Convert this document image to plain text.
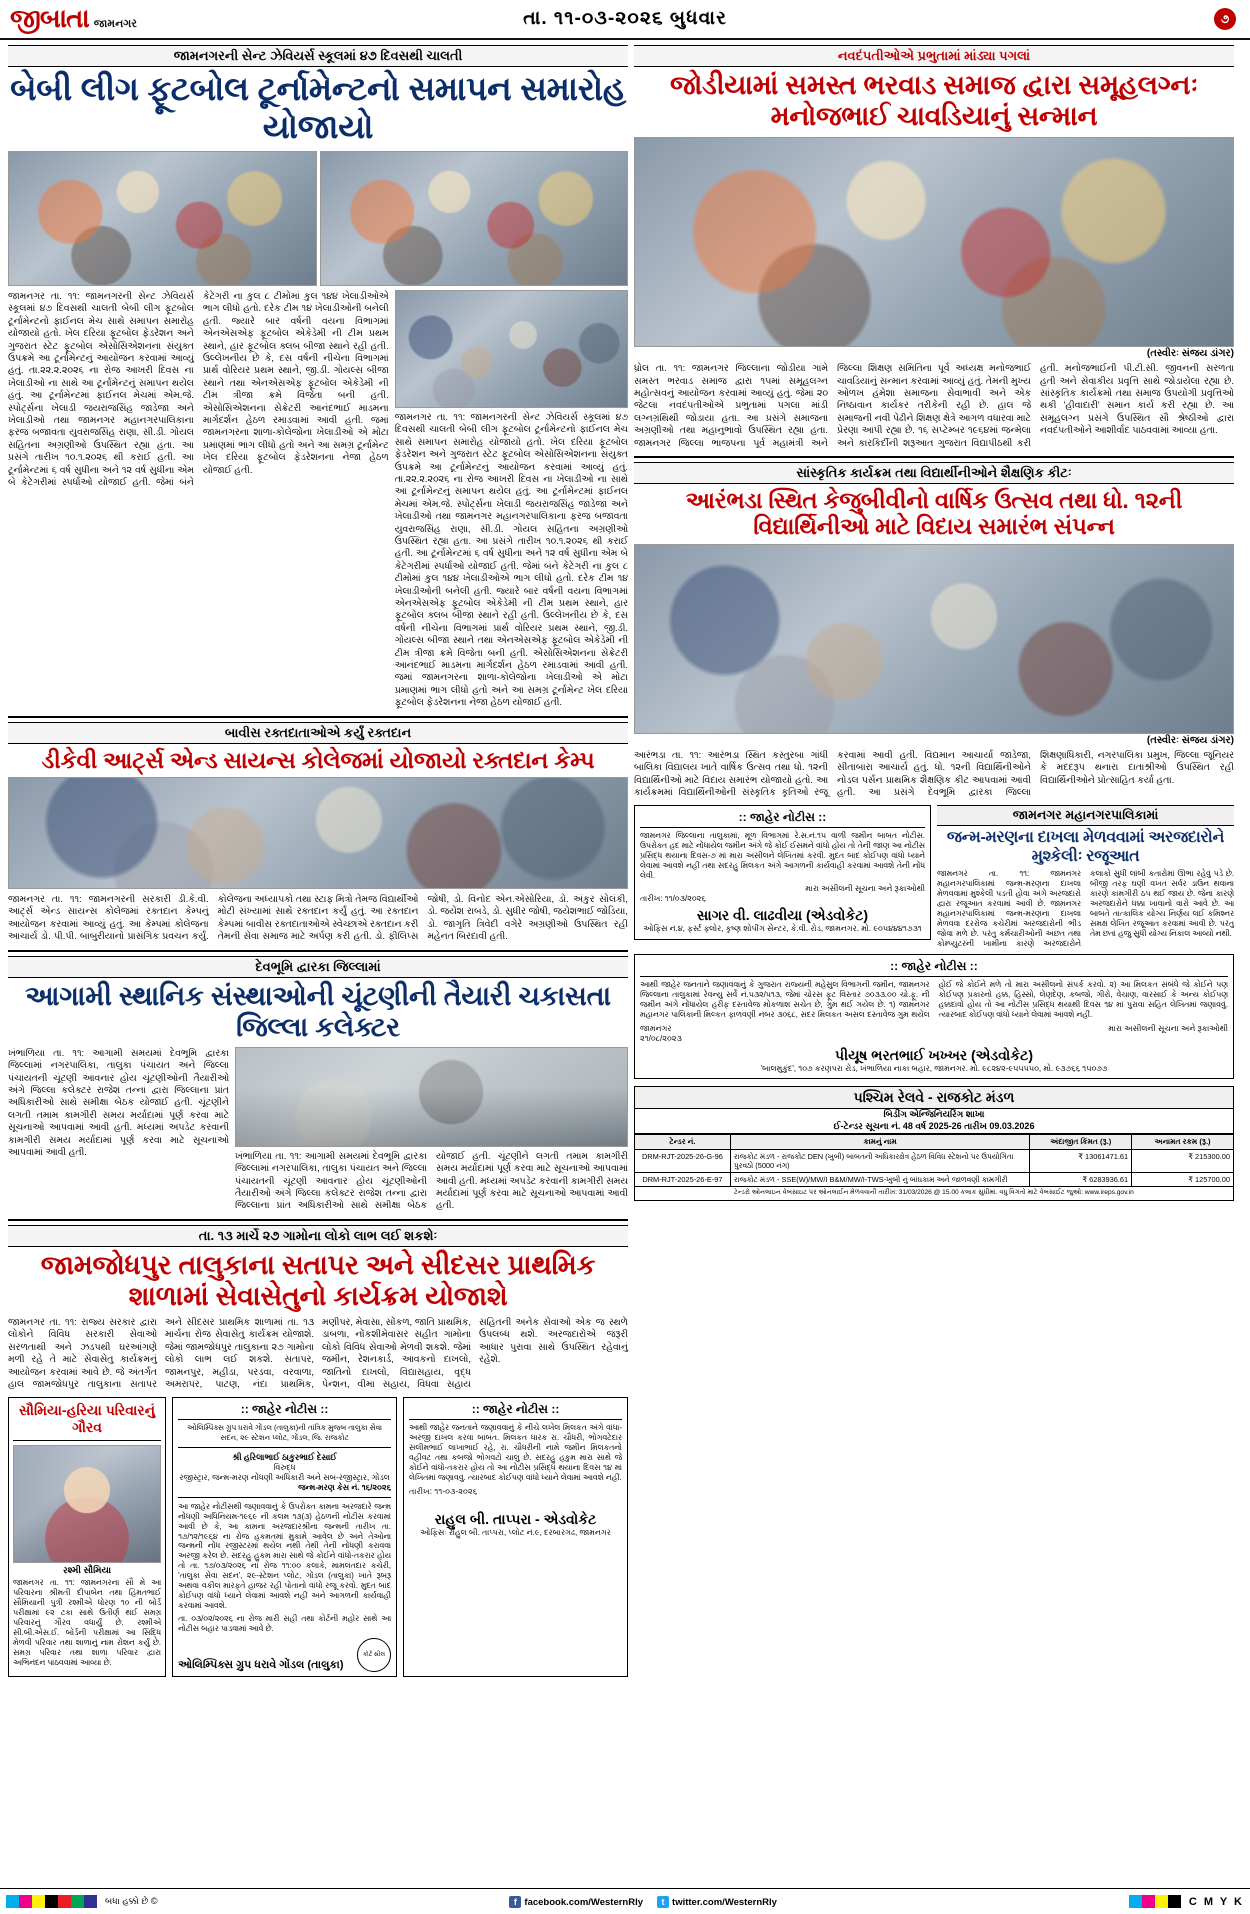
જીબાતા જામનગર	તા. ૧૧-૦૩-૨૦૨૬ બુધવાર	૭
જામનગરની સેન્ટ ઝેવિયર્સ સ્કૂલમાં ૪૭ દિવસથી ચાલતી
બેબી લીગ ફૂટબોલ ટૂર્નામેન્ટનો સમાપન સમારોહ યોજાયો
જામનગર તા. ૧૧: જામનગરની સેન્ટ ઝેવિયર્સ સ્કૂલમાં ૪૭ દિવસથી ચાલતી બેબી લીગ ફૂટબોલ ટૂર્નામેન્ટનો ફાઈનલ મેચ સાથે સમાપન સમારોહ યોજાયો હતો. ખેલ દરિયા ફૂટબોલ ફેડરેશન અને ગુજરાત સ્ટેટ ફૂટબોલ એસોસિએશનના સંયુક્ત ઉપક્રમે આ ટૂર્નામેન્ટનું આયોજન કરવામાં આવ્યું હતું. તા.૨૨.૨.૨૦૨૬ ના રોજ આખરી દિવસ ના ખેલાડીઓ ના સાથે આ ટૂર્નામેન્ટનું સમાપન થયેલ હતું. આ ટૂર્નામેન્ટમાં ફાઈનલ મેચમાં એમ.જે. સ્પોર્ટ્સના ખેલાડી જયરાજસિંહ જાડેજા અને ખેલાડીઓ તથા જામનગર મહાનગરપાલિકાના ફરજ બજાવતા યુવરાજસિંહ રાણા, સી.ડી. ગોયલ સહિતના અગ્રણીઓ ઉપસ્થિત રહ્યા હતા. આ પ્રસંગે તારીખ ૧૦.૧.૨૦૨૬ થી કરાઈ હતી. આ ટૂર્નામેન્ટમાં ૬ વર્ષ સુધીના અને ૧૨ વર્ષ સુધીના એમ બે કેટેગરીમાં સ્પર્ધાઓ યોજાઈ હતી. જેમાં બંને કેટેગરી ના કુલ ૮ ટીમોમાં કુલ ૧૪૪ ખેલાડીઓએ ભાગ લીધો હતો. દરેક ટીમ ૧૪ ખેલાડીઓની બનેલી હતી. જ્યારે બાર વર્ષની વયના વિભાગમાં એનએસએફ ફૂટબોલ એકેડેમી ની ટીમ પ્રથમ સ્થાને, હાર ફૂટબોલ ક્લબ બીજા સ્થાને રહી હતી. ઉલ્લેખનીય છે કે, દસ વર્ષની નીચેના વિભાગમાં પ્રાર્થ વોરિયર પ્રથમ સ્થાને, જી.ડી. ગોયલ્સ બીજા સ્થાને તથા એનએસએફ ફૂટબોલ એકેડેમી ની ટીમ ત્રીજા ક્રમે વિજેતા બની હતી. એસોસિએશનના સેક્રેટરી આનંદભાઈ માડમના માર્ગદર્શન હેઠળ રમાડવામાં આવી હતી. જમાં જામનગરના શાળા-કોલેજોના ખેલાડીઓ એ મોટા પ્રમાણમાં ભાગ લીધો હતો અને આ સમગ્ર ટૂર્નામેન્ટ ખેલ દરિયા ફૂટબોલ ફેડરેશનના નેજા હેઠળ યોજાઈ હતી.
જામનગર તા. ૧૧: જામનગરની સેન્ટ ઝેવિયર્સ સ્કૂલમાં ૪૭ દિવસથી ચાલતી બેબી લીગ ફૂટબોલ ટૂર્નામેન્ટનો ફાઈનલ મેચ સાથે સમાપન સમારોહ યોજાયો હતો. ખેલ દરિયા ફૂટબોલ ફેડરેશન અને ગુજરાત સ્ટેટ ફૂટબોલ એસોસિએશનના સંયુક્ત ઉપક્રમે આ ટૂર્નામેન્ટનું આયોજન કરવામાં આવ્યું હતું. તા.૨૨.૨.૨૦૨૬ ના રોજ આખરી દિવસ ના ખેલાડીઓ ના સાથે આ ટૂર્નામેન્ટનું સમાપન થયેલ હતું. આ ટૂર્નામેન્ટમાં ફાઈનલ મેચમાં એમ.જે. સ્પોર્ટ્સના ખેલાડી જયરાજસિંહ જાડેજા અને ખેલાડીઓ તથા જામનગર મહાનગરપાલિકાના ફરજ બજાવતા યુવરાજસિંહ રાણા, સી.ડી. ગોયલ સહિતના અગ્રણીઓ ઉપસ્થિત રહ્યા હતા. આ પ્રસંગે તારીખ ૧૦.૧.૨૦૨૬ થી કરાઈ હતી. આ ટૂર્નામેન્ટમાં ૬ વર્ષ સુધીના અને ૧૨ વર્ષ સુધીના એમ બે કેટેગરીમાં સ્પર્ધાઓ યોજાઈ હતી. જેમાં બંને કેટેગરી ના કુલ ૮ ટીમોમાં કુલ ૧૪૪ ખેલાડીઓએ ભાગ લીધો હતો. દરેક ટીમ ૧૪ ખેલાડીઓની બનેલી હતી. જ્યારે બાર વર્ષની વયના વિભાગમાં એનએસએફ ફૂટબોલ એકેડેમી ની ટીમ પ્રથમ સ્થાને, હાર ફૂટબોલ ક્લબ બીજા સ્થાને રહી હતી. ઉલ્લેખનીય છે કે, દસ વર્ષની નીચેના વિભાગમાં પ્રાર્થ વોરિયર પ્રથમ સ્થાને, જી.ડી. ગોયલ્સ બીજા સ્થાને તથા એનએસએફ ફૂટબોલ એકેડેમી ની ટીમ ત્રીજા ક્રમે વિજેતા બની હતી. એસોસિએશનના સેક્રેટરી આનંદભાઈ માડમના માર્ગદર્શન હેઠળ રમાડવામાં આવી હતી. જમાં જામનગરના શાળા-કોલેજોના ખેલાડીઓ એ મોટા પ્રમાણમાં ભાગ લીધો હતો અને આ સમગ્ર ટૂર્નામેન્ટ ખેલ દરિયા ફૂટબોલ ફેડરેશનના નેજા હેઠળ યોજાઈ હતી.
બાવીસ રક્તદાતાઓએ કર્યું રક્તદાન
ડીકેવી આર્ટ્સ એન્ડ સાયન્સ કોલેજમાં યોજાયો રક્તદાન કેમ્પ
જામનગર તા. ૧૧: જામનગરની સરકારી ડી.કે.વી. આર્ટ્સ એન્ડ સાયન્સ કોલેજમાં રક્તદાન કેમ્પનું આયોજન કરવામાં આવ્યું હતું. આ કેમ્પમાં કોલેજના આચાર્ય ડો. પી.પી. બાબુરીયાનો પ્રાસંગિક પ્રવચન કર્યું. કોલેજના અધ્યાપકો તથા સ્ટાફ મિત્રો તેમજ વિદ્યાર્થીઓ મોટી સંખ્યામાં સાથે રક્તદાન કર્યું હતું. આ રક્તદાન કેમ્પમાં બાવીસ રક્તદાતાઓએ સ્વેચ્છાએ રક્તદાન કરી તેમની સેવા સમાજ માટે અર્પણ કરી હતી. ડો. ફીલિપ્સ જોષી, ડો. વિનોદ એન.એસોરિયા, ડો. અંકુર સોલંકી, ડો. જયેશ રાબડે, ડો. સુધીર જોષી, જયેશભાઈ જોડિયા, ડો. જાગૃતિ ત્રિવેદી વગેરે અગ્રણીઓ ઉપસ્થિત રહી મહેનત બિરદાવી હતી.
દેવભૂમિ દ્વારકા જિલ્લામાં
આગામી સ્થાનિક સંસ્થાઓની ચૂંટણીની તૈયારી ચકાસતા જિલ્લા કલેક્ટર
ખંભાળિયા તા. ૧૧: આગામી સમયમાં દેવભૂમિ દ્વારકા જિલ્લામાં નગરપાલિકા, તાલુકા પંચાયત અને જિલ્લા પંચાયતની ચૂંટણી આવનાર હોય ચૂંટણીઓની તૈયારીઓ અંગે જિલ્લા કલેક્ટર રાજેશ તન્ના દ્વારા જિલ્લાના પ્રાંત અધિકારીઓ સાથે સમીક્ષા બેઠક યોજાઈ હતી. ચૂંટણીને લગતી તમામ કામગીરી સમય મર્યાદામાં પૂર્ણ કરવા માટે સૂચનાઓ આપવામાં આવી હતી. મધ્યમાં અપડેટ કરવાની કામગીરી સમય મર્યાદામાં પૂર્ણ કરવા માટે સૂચનાઓ આપવામાં આવી હતી.	ખંભાળિયા તા. ૧૧: આગામી સમયમાં દેવભૂમિ દ્વારકા જિલ્લામાં નગરપાલિકા, તાલુકા પંચાયત અને જિલ્લા પંચાયતની ચૂંટણી આવનાર હોય ચૂંટણીઓની તૈયારીઓ અંગે જિલ્લા કલેક્ટર રાજેશ તન્ના દ્વારા જિલ્લાના પ્રાંત અધિકારીઓ સાથે સમીક્ષા બેઠક યોજાઈ હતી. ચૂંટણીને લગતી તમામ કામગીરી સમય મર્યાદામાં પૂર્ણ કરવા માટે સૂચનાઓ આપવામાં આવી હતી. મધ્યમાં અપડેટ કરવાની કામગીરી સમય મર્યાદામાં પૂર્ણ કરવા માટે સૂચનાઓ આપવામાં આવી હતી.
તા. ૧૩ માર્ચે ૨૭ ગામોના લોકો લાભ લઈ શકશેઃ
જામજોધપુર તાલુકાના સતાપર અને સીદસર પ્રાથમિક શાળામાં સેવાસેતુનો કાર્યક્રમ યોજાશે
જામનગર તા. ૧૧: રાજ્ય સરકાર દ્વારા લોકોને વિવિધ સરકારી સેવાઓ સરળતાથી અને ઝડપથી ઘરઆંગણે મળી રહે તે માટે સેવાસેતુ કાર્યક્રમનું આયોજન કરવામાં આવે છે. જે અંતર્ગત હાલ જામજોધપુર તાલુકાના સતાપર અને સીદસર પ્રાથમિક શાળામાં તા. ૧૩ માર્ચના રોજ સેવાસેતુ કાર્યક્રમ યોજાશે. જેમાં જામજોધપુર તાલુકાના ૨૭ ગામોના લોકો લાભ લઈ શકશે. સતાપર, જામનપુર, મહીડા, પરડવા, વરવાળા, અમરાપર, પાટણ, નંદા પ્રાથમિક, મણીપર, મેવાસા, સોંકળ, જાતિ પ્રાથમિક, ડાબળા, નોંકશીમેવાસર સહીત ગામોના લોકો વિવિધ સેવાઓ મેળવી શકશે. જેમાં જમીન, રેશનકાર્ડ, આવકનો દાખલો, જાતિનો દાખલો, વિદ્યાસહાય, વૃદ્ધ પેન્શન, વીમા સહાય, વિધવા સહાય સહિતની અનેક સેવાઓ એક જ સ્થળે ઉપલબ્ધ થશે. અરજદારોએ જરૂરી આધાર પુરાવા સાથે ઉપસ્થિત રહેવાનું રહેશે.
સૌમિયા-હરિયા પરિવારનું ગૌરવ
રશ્મી સૌમિયા
જામનગર તા. ૧૧: જામનગરના સૌ મે આ પરિવારના શ્રીમતી દીપાબેન તથા હિંમતભાઈ સૌમિયાની પુત્રી રશ્મીએ ધોરણ ૧૦ ની બોર્ડ પરીક્ષામાં ૯૨ ટકા સાથે ઉતીર્ણ થઈ સમગ્ર પરિવારનું ગૌરવ વધાર્યું છે. રશ્મીએ સી.બી.એસ.ઈ. બોર્ડની પરીક્ષામાં આ સિદ્ધિ મેળવી પરિવાર તથા શાળાનું નામ રોશન કર્યું છે. સમગ્ર પરિવાર તથા શાળા પરિવાર દ્વારા અભિનંદન પાઠવવામાં આવ્યા છે.
:: જાહેર નોટીસ ::
ઓલિમ્પિક્સ ગ્રુપ ધરાવે ગોંડલ (તાલુકા)ની તાંત્રિક મુજબ તાલુકા સેવા સદન, ૨૯ સ્ટેશન પ્લોટ, ગોંડલ, જિ. રાજકોટ
શ્રી હરિલાભાઈ ઠાકુરભાઈ દેસાઈ
વિરુદ્ધ
રજીસ્ટ્રાર, જન્મ-મરણ નોંધણી અધિકારી અને સબ-રજીસ્ટ્રાર, ગોંડલ
જન્મ-મરણ કેસ નં. ૧૬/૨૦૨૬
આ જાહેર નોટીસથી જણાવવાનું કે ઉપરોક્ત કામના અરજદારે જન્મ નોંધણી અધિનિયમ-૧૯૬૯ ની કલમ ૧૩(૩) હેઠળની નોટીસ કરવામાં આવી છે કે, આ કામના અરજદારશ્રીના જન્મની તારીખ તા. ૧૭/૧૨/૧૯૬૪ ના રોજ હકમતમાં મુકામે આવેલ છે અને તેઓના જન્મની નોંધ રજીસ્ટરમાં થયેલ નથી તેથી તેની નોંધણી કરાવવા અરજી કરેલ છે. સદરહુ હુકમ મારા સાથે જે કોઈને વાંધો-તકરાર હોય તો તા. ૧૭/૦૩/૨૦૨૬ ના રોજ ૧૧:૦૦ કલાકે, મામલતદાર કચેરી, 'તાલુકા સેવા સદન', ૨૯-સ્ટેશન પ્લોટ, ગોંડલ (તાલુકા) ખાતે રૂબરૂ અથવા વકીલ મારફતે હાજર રહી પોતાનો વાંધો રજૂ કરવો. મુદત બાદ કોઈપણ વાંધો ધ્યાને લેવામાં આવશે નહીં અને આગળની કાર્યવાહી કરવામાં આવશે.
તા. ૦૩/૦૨/૨૦૨૬ ના રોજ મારી સહી તથા કોર્ટની મહોર સાથે આ નોટીસ બહાર પાડવામાં આવે છે.
ઓલિમ્પિક્સ ગ્રુપ ધરાવે ગોંડલ (તાલુકા)
કોર્ટ સીલ
:: જાહેર નોટીસ ::
આથી જાહેર જનતાને જણાવવાનું કે નીચે લખેલ મિલકત અંગે વાંધા-અરજી દાખલ કરવા બાબત. મિલકત ધારક રા. ચૌધરી, ભોગવટેદાર સલીમભાઈ લાખાભાઈ રહે, રા. ચૌધરીની નામે જમીન મિલકતનો વહીવટ તથા કબજો ભોગવટો ચાલુ છે. સદરહુ હકુમ મારા સાથે જે કોઈને વાંધો-તકરાર હોય તો આ નોટીસ પ્રસિદ્ધ થયાના દિવસ ૧૪ માં લેખિતમાં જણાવવું. ત્યારબાદ કોઈપણ વાંધો ધ્યાને લેવામાં આવશે નહીં.
તારીખ: ૧૧-૦૩-૨૦૨૬
રાહુલ બી. તાપ્પરા - એડવોકેટ
ઓફિસઃ રાહુલ બી. તાપ્પરા, પ્લોટ નં.૯, દરબારગઢ, જામનગર
નવદંપતીઓએ પ્રભુતામાં માંડ્યા પગલાં
જોડીયામાં સમસ્ત ભરવાડ સમાજ દ્વારા સમૂહલગ્નઃ મનોજભાઈ ચાવડિયાનું સન્માન
(તસ્વીરઃ સંજય ડાંગર)
ધ્રોલ તા. ૧૧: જામનગર જિલ્લાના જોડીયા ગામે સમસ્ત ભરવાડ સમાજ દ્વારા ૧૫માં સમૂહલગ્ન મહોત્સવનું આયોજન કરવામાં આવ્યું હતું. જેમાં ૨૦ જેટલા નવદંપતીઓએ પ્રભુતામાં પગલા માંડી લગ્નગ્રંથિથી જોડાયા હતા. આ પ્રસંગે સમાજના અગ્રણીઓ તથા મહાનુભાવો ઉપસ્થિત રહ્યા હતા. જામનગર જિલ્લા ભાજપના પૂર્વ મહામંત્રી અને જિલ્લા શિક્ષણ સમિતિના પૂર્વ અધ્યક્ષ મનોજભાઈ ચાવડિયાનું સન્માન કરવામાં આવ્યું હતું. તેમની મુખ્ય ઓળખ હંમેશા સમાજના સેવાભાવી અને એક નિષ્ઠાવાન કાર્યકર તરીકેની રહી છે. હાલ જે સમાજની નવી પેઢીને શિક્ષણ ક્ષેત્રે આગળ વધારવા માટે પ્રેરણા આપી રહ્યા છે. ૧૬ સપ્ટેમ્બર ૧૯૬૪માં જન્મેલા અને કારકિર્દીની શરૂઆત ગુજરાત વિદ્યાપીઠથી કરી હતી. મનોજભાઈની પી.ટી.સી. જીવનની સરળતા હતી અને સેવાકીય પ્રવૃત્તિ સાથે જોડાયેલા રહ્યા છે. સાંસ્કૃતિક કાર્યક્રમો તથા સમાજ ઉપયોગી પ્રવૃત્તિઓ થકી 'હીવાદારી' સમાન કાર્ય કરી રહ્યા છે. આ સમૂહલગ્ન પ્રસંગે ઉપસ્થિત સૌ શ્રેષ્ઠીઓ દ્વારા નવદંપતીઓને આશીર્વાદ પાઠવવામાં આવ્યા હતા.
સાંસ્કૃતિક કાર્યક્રમ તથા વિદ્યાર્થીનીઓને શૈક્ષણિક કીટઃ
આરંભડા સ્થિત કેજુબીવીનો વાર્ષિક ઉત્સવ તથા ધો. ૧૨ની વિદ્યાર્થિનીઓ માટે વિદાય સમારંભ સંપન્ન
(તસ્વીરઃ સંજય ડાંગર)
આરંભડા તા. ૧૧: આરંભડા સ્થિત કસ્તુરબા ગાંધી બાલિકા વિદ્યાલય ખાતે વાર્ષિક ઉત્સવ તથા ધો. ૧૨ની વિદ્યાર્થિનીઓ માટે વિદાય સમારંભ યોજાયો હતો. આ કાર્યક્રમમાં વિદ્યાર્થિનીઓની સંસ્કૃતિક કૃતિઓ રજૂ કરવામાં આવી હતી. વિદ્યમાન આચાર્યા જાડેજા, સીતાબારા આચાર્ય હતું. ધો. ૧૨ની વિદ્યાર્થિનીઓને નોડલ પર્સન પ્રાથમિક શૈક્ષણિક કીટ આપવામાં આવી હતી. આ પ્રસંગે દેવભૂમિ દ્વારકા જિલ્લા શિક્ષણાધિકારી, નગરપાલિકા પ્રમુખ, જિલ્લા જૂનિયર કે મદદરૂપ થનારા દાતાશ્રીઓ ઉપસ્થિત રહી વિદ્યાર્થિનીઓને પ્રોત્સાહિત કર્યા હતા.
:: જાહેર નોટીસ ::
જામનગર જિલ્લાના તાલુકામાં, મૂળ વિભાગમાં રે.સ.નં.૧૫ વાળી જમીન બાબત નોટીસ. ઉપરોક્ત હદ માટે નોંધાયેલ જમીન અંગે જે કોઈ ઈસમને વાંધો હોય તો તેની જાણ આ નોટીસ પ્રસિદ્ધ થયાના દિવસ-૭ માં મારા અસીલને લેખિતમાં કરવી. મુદત બાદ કોઈપણ વાંધો ધ્યાને લેવામાં આવશે નહીં તથા સદરહુ મિલકત અંગે આગળની કાર્યવાહી કરવામાં આવશે તેની નોંધ લેવી.
મારા અસીલની સૂચના અને રૂકાઓથી
તારીખ: ૧૧/૦૩/૨૦૨૬
સાગર વી. લાઢવીયા (એડવોકેટ)
ઓફિસ નં.૪, ફર્સ્ટ ફ્લોર, કૃષ્ણ શોપીંગ સેન્ટર, કે.વી. રોડ, જામનગર. મો. ૯૦૫૪૪૪૧૭૩૧
જામનગર મહાનગરપાલિકામાં
જન્મ-મરણના દાખલા મેળવવામાં અરજદારોને મુશ્કેલીઃ રજૂઆત
જામનગર તા. ૧૧: જામનગર મહાનગરપાલિકામાં જન્મ-મરણના દાખલા મેળવવામાં મુશ્કેલી પડતી હોવા અંગે અરજદારો દ્વારા રજૂઆત કરવામાં આવી છે. જામનગર મહાનગરપાલિકામાં જન્મ-મરણના દાખલા મેળવવા દરરોજ કચેરીમાં અરજદારોની ભીડ જોવા મળે છે. પરંતુ કર્મચારીઓની અછત તથા કોમ્પ્યુટરની ખામીના કારણે અરજદારોને કલાકો સુધી લાંબી કતારોમાં ઊભા રહેવું પડે છે. બીજી તરફ ઘણી વખત સર્વર ડાઉન થવાના કારણે કામગીરી ઠપ થઈ જાય છે. જેના કારણે અરજદારોને ધક્કા ખાવાનો વારો આવે છે. આ બાબતે તાત્કાલિક યોગ્ય નિર્ણય લઈ કમિશ્નર સમક્ષ લેખિત રજૂઆત કરવામાં આવી છે. પરંતુ તેમ છતાં હજુ સુધી યોગ્ય નિકાલ આવ્યો નથી.
:: જાહેર નોટીસ ::
આથી જાહેર જનતાને જણાવવાનું કે ગુજરાત રાજ્યની મહેસુલ વિભાગની જમીન, જામનગર જિલ્લાના તાલુકામાં રેવન્યુ સર્વે નં.૫૩૨/૫૧૩, જેમાં ચોરસ ફૂટ વિસ્તાર ૭૦૩૩.૦૦ ચો.ફૂ. ની જમીન અંગે નોંધાયેલ હરીફ દસ્તાવેજ મોકળાશ સચેત છે, ગુમ થઈ ગયેલ છે. ૧) જામનગર મહાનગર પાલિકાની મિલ્કત ફાળવણી નંબર ૩૦૬૮, સદર મિલકત અસલ દસ્તાવેજ ગુમ થયેલ હોઈ જે કોઈને મળે તો મારા અસીલનો સંપર્ક કરવો. ૨) આ મિલકત સંબંધે જે કોઈને પણ કોઈપણ પ્રકારનો હક્ક, હિસ્સો, લેણદેણ, કબજો, ગીરો, વેચાણ, વારસાઈ કે અન્ય કોઈપણ હક્કદાવો હોય તો આ નોટીસ પ્રસિદ્ધ થયાથી દિવસ ૧૪ માં પુરાવા સહિત લેખિતમાં જણાવવું. ત્યારબાદ કોઈપણ વાંધો ધ્યાને લેવામાં આવશે નહીં.
જામનગર
૨૧/૦૮/૨૦૨૩
મારા અસીલની સૂચના અને રૂકાઓથી
પીયૂષ ભરતભાઈ ખખ્ખર (એડવોકેટ)
'બાલમુકુંદ', ૧૦૭ કરણપરા રોડ, ખંભાળિયા નાકા બહાર, જામનગર. મો. ૯૮૨૪૨-૯૫૫૫૫૦, મો. ૯૩૭૬૬ ૧૫૦૭૭
પશ્ચિમ રેલવે - રાજકોટ મંડળ
બિડીંગ એન્જિનિયરિંગ શાખા
ઈ-ટેન્ડર સૂચના નં. 48 વર્ષ 2025-26 તારીખ 09.03.2026
ટેન્ડર નં.	કામનું નામ	અંદાજીત કિંમત (રૂ.)	અનામત રકમ (રૂ.)
DRM-RJT-2025-26-G-96	રાજકોટ મંડળ - રાજકોટ DEN (ખુબી) બાબતની અધિકારક્ષેત્ર હેઠળ વિવિધ સ્ટેશનો પર ઉપયોગિતા પુરવઠો (5000 નંગ)	₹ 13061471.61	₹ 215300.00
DRM-RJT-2025-26-E-97	રાજકોટ મંડળ - SSE(W)/MW/I B&M/MW/I-TWS-ખુબી નું બાંધકામ અને જાળવણી કામગીરી	₹ 6283936.61	₹ 125700.00
ટેન્ડરો ઓનલાઇન વેબસાઇટ પર ઓનલાઈન મેળવવાની તારીખ: 31/03/2026 @ 15.00 કલાક સુધીમાં. વધુ વિગતો માટે વેબસાઈટ જુઓ: www.ireps.gov.in
બધા હક્કો છે ©	f facebook.com/WesternRly	t twitter.com/WesternRly	C M Y K
